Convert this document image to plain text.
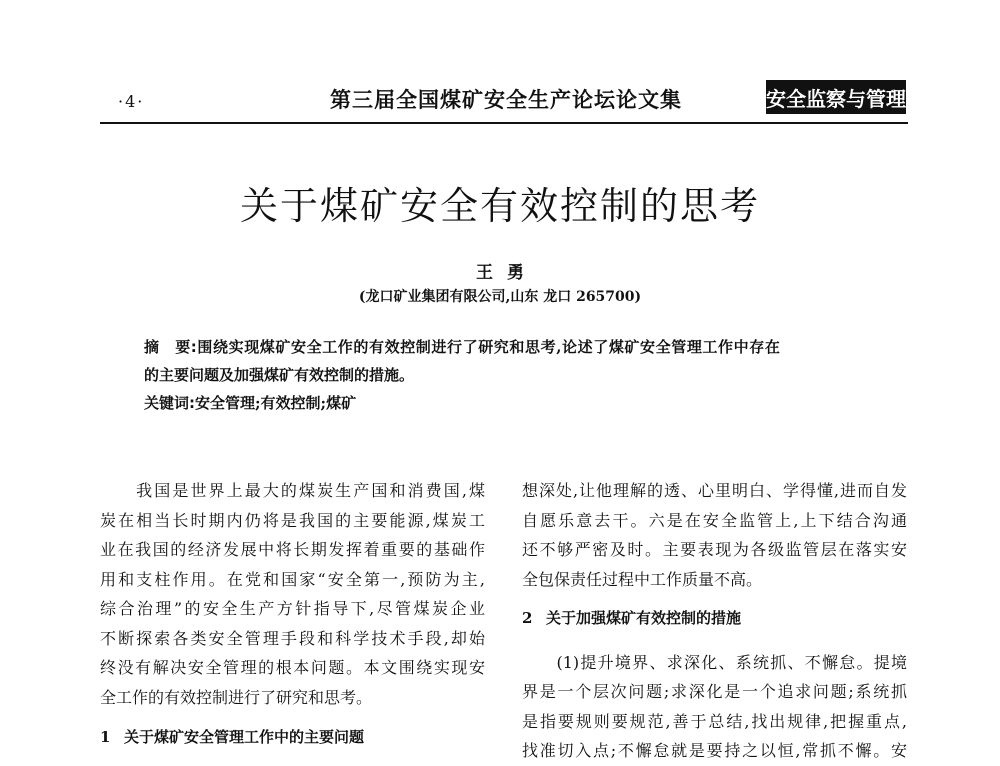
·4·	第三届全国煤矿安全生产论坛论文集	安全监察与管理
关于煤矿安全有效控制的思考
王勇
(龙口矿业集团有限公司,山东 龙口 265700)

摘　要:围绕实现煤矿安全工作的有效控制进行了研究和思考,论述了煤矿安全管理工作中存在

的主要问题及加强煤矿有效控制的措施。

关键词:安全管理;有效控制;煤矿

　　我国是世界上最大的煤炭生产国和消费国,煤
炭在相当长时期内仍将是我国的主要能源,煤炭工
业在我国的经济发展中将长期发挥着重要的基础作
用和支柱作用。在党和国家“安全第一,预防为主,
综合治理”的安全生产方针指导下,尽管煤炭企业
不断探索各类安全管理手段和科学技术手段,却始
终没有解决安全管理的根本问题。本文围绕实现安
全工作的有效控制进行了研究和思考。
1 关于煤矿安全管理工作中的主要问题
想深处,让他理解的透、心里明白、学得懂,进而自发
自愿乐意去干。六是在安全监管上,上下结合沟通
还不够严密及时。主要表现为各级监管层在落实安
全包保责任过程中工作质量不高。
2 关于加强煤矿有效控制的措施
　　(1)提升境界、求深化、系统抓、不懈怠。提境
界是一个层次问题;求深化是一个追求问题;系统抓
是指要规则要规范,善于总结,找出规律,把握重点,
找准切入点;不懈怠就是要持之以恒,常抓不懈。安
